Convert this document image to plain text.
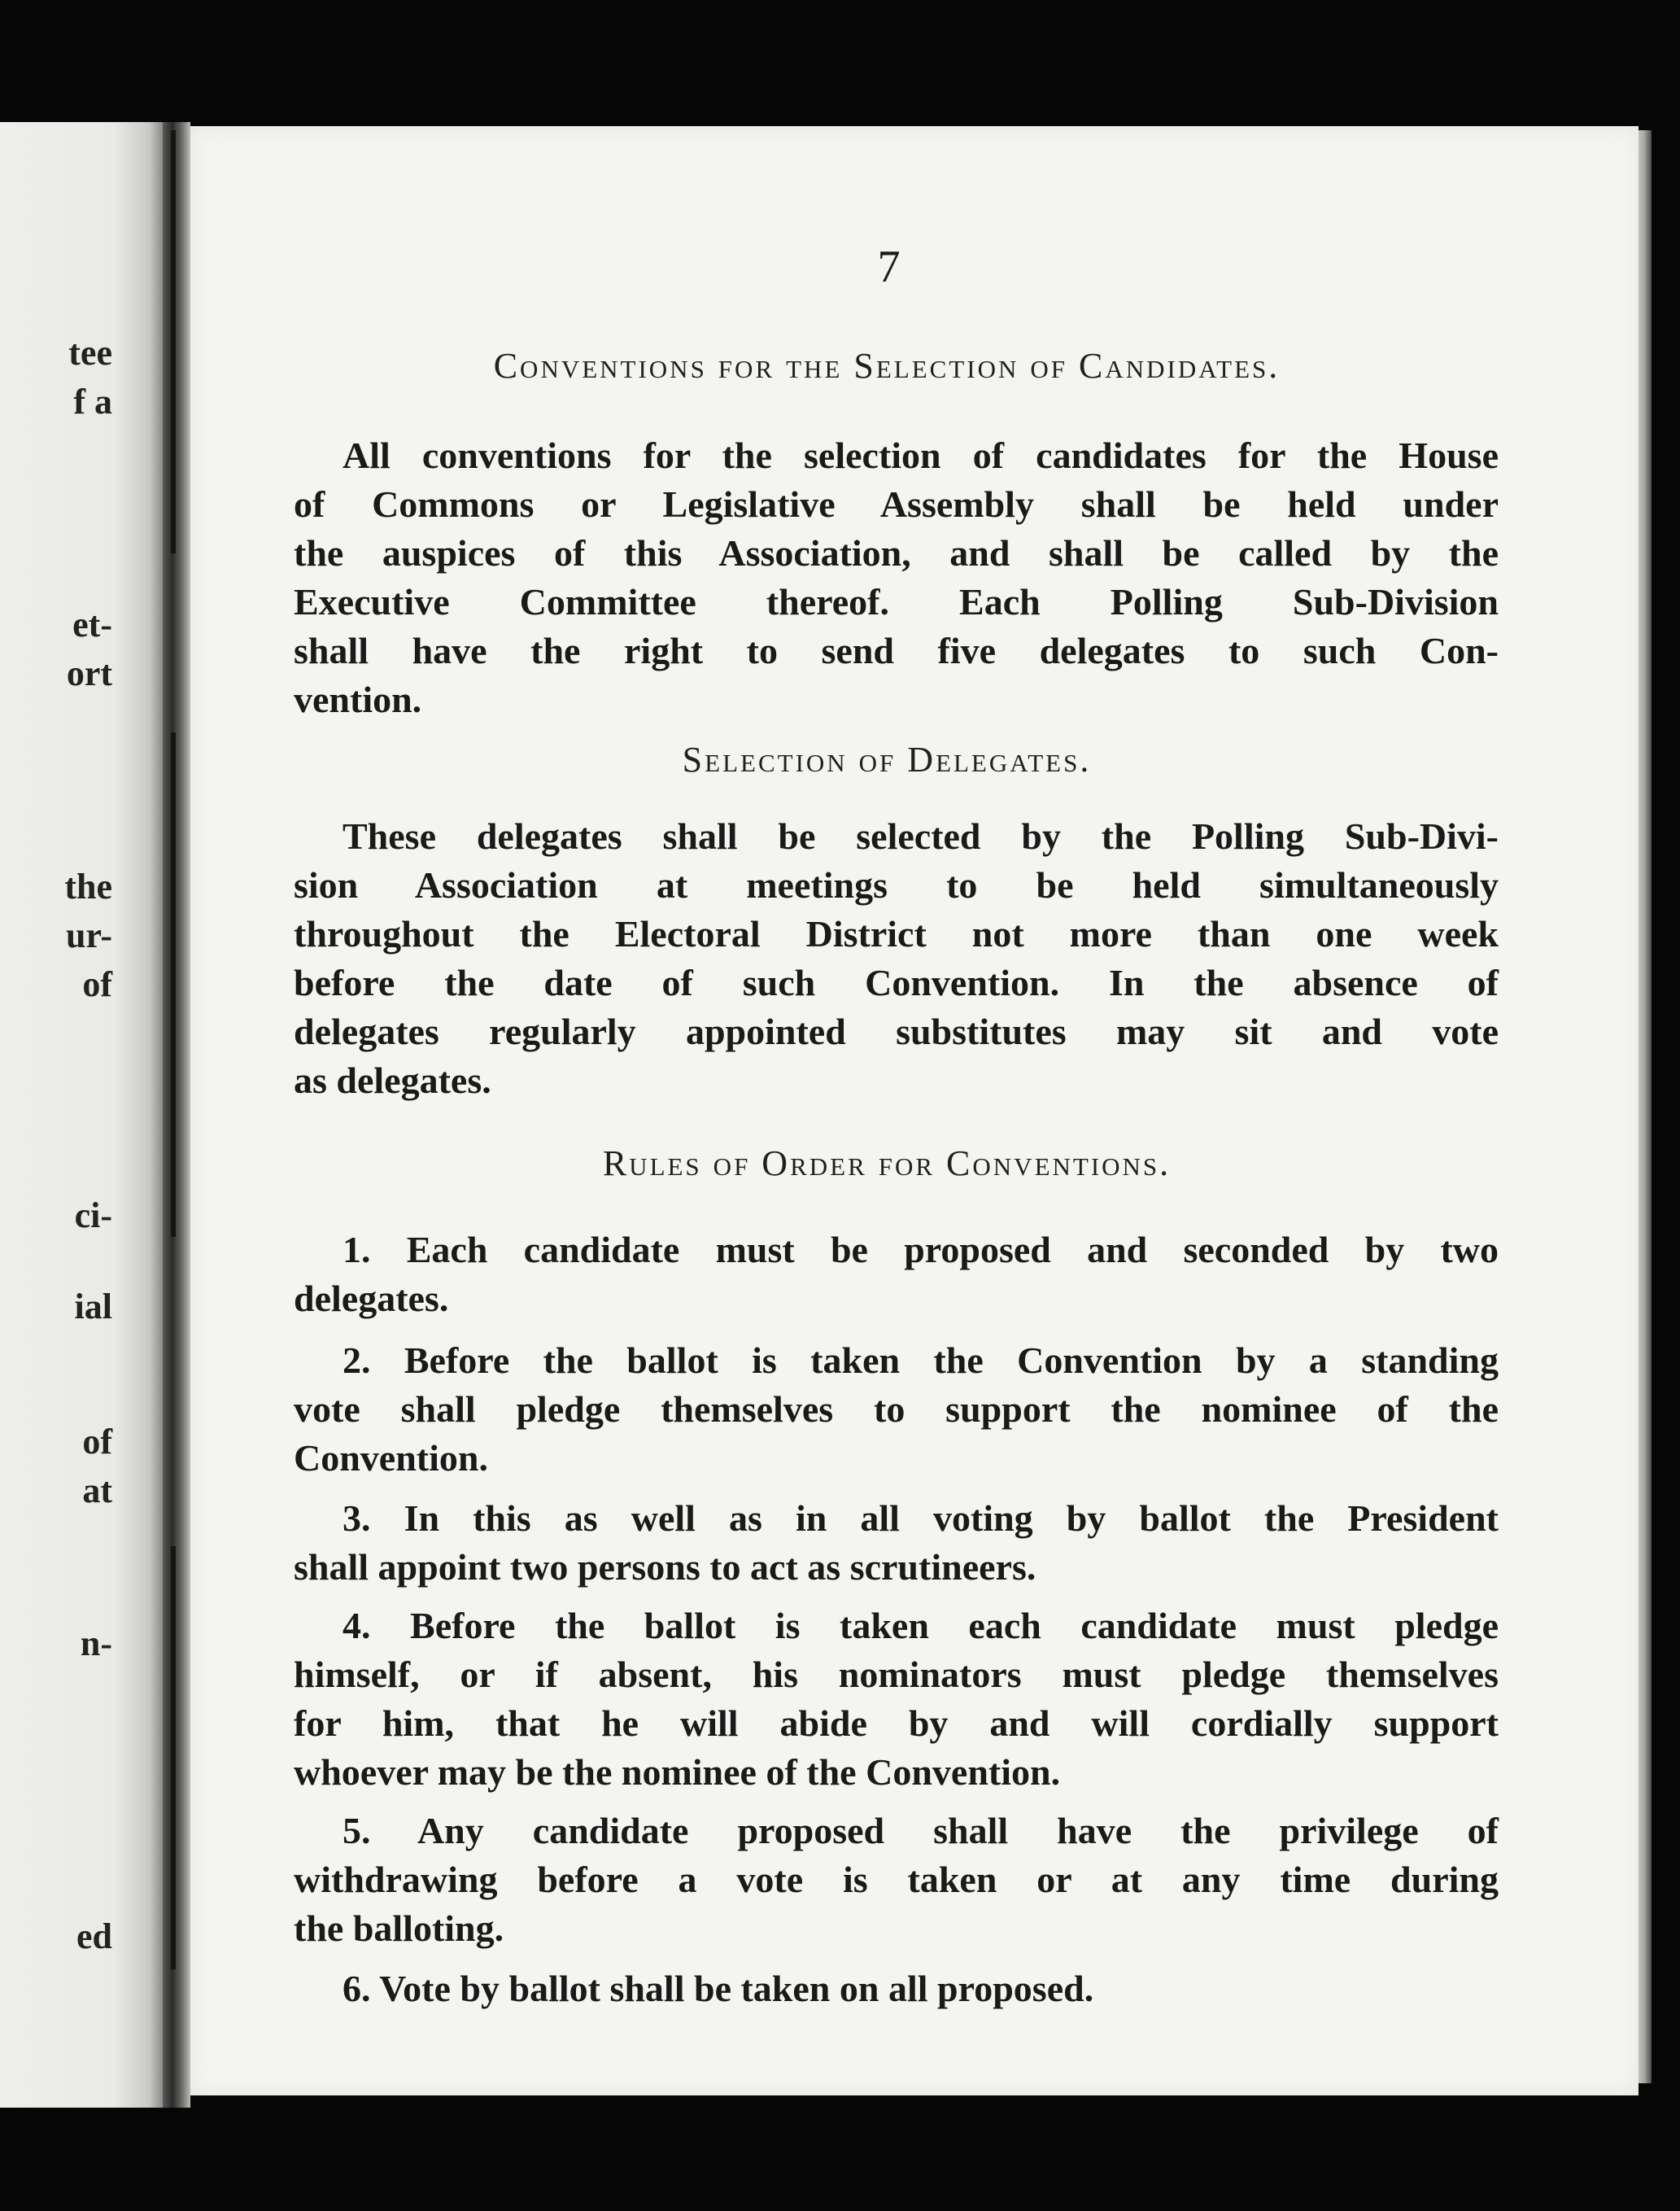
tee
f a
et-
ort
the
ur-
of
ci-
ial
of
at
n-
ed
7
Conventions for the Selection of Candidates.
All conventions for the selection of candidates for the House
of Commons or Legislative Assembly shall be held under
the auspices of this Association, and shall be called by the
Executive Committee thereof. Each Polling Sub-Division
shall have the right to send five delegates to such Con-
vention.
Selection of Delegates.
These delegates shall be selected by the Polling Sub-Divi-
sion Association at meetings to be held simultaneously
throughout the Electoral District not more than one week
before the date of such Convention. In the absence of
delegates regularly appointed substitutes may sit and vote
as delegates.
Rules of Order for Conventions.
1. Each candidate must be proposed and seconded by two
delegates.
2. Before the ballot is taken the Convention by a standing
vote shall pledge themselves to support the nominee of the
Convention.
3. In this as well as in all voting by ballot the President
shall appoint two persons to act as scrutineers.
4. Before the ballot is taken each candidate must pledge
himself, or if absent, his nominators must pledge themselves
for him, that he will abide by and will cordially support
whoever may be the nominee of the Convention.
5. Any candidate proposed shall have the privilege of
withdrawing before a vote is taken or at any time during
the balloting.
6. Vote by ballot shall be taken on all proposed.
